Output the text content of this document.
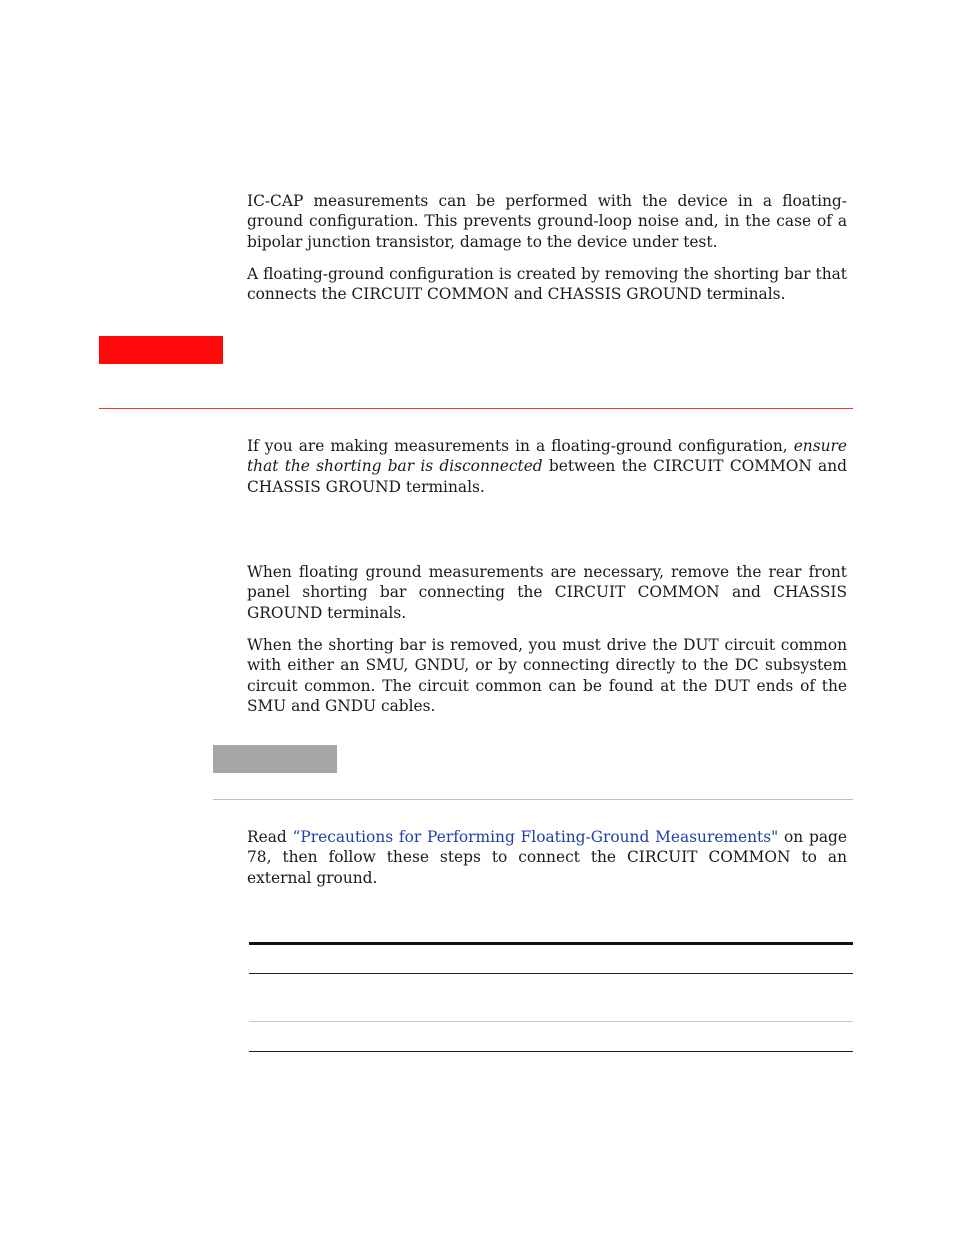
IC-CAP measurements can be performed with the device in a floating-ground configuration. This prevents ground-loop noise and, in the case of a bipolar junction transistor, damage to the device under test.

A floating-ground configuration is created by removing the shorting bar that connects the CIRCUIT COMMON and CHASSIS GROUND terminals.

If you are making measurements in a floating-ground configuration, ensure that the shorting bar is disconnected between the CIRCUIT COMMON and CHASSIS GROUND terminals.

When floating ground measurements are necessary, remove the rear front panel shorting bar connecting the CIRCUIT COMMON and CHASSIS GROUND terminals.

When the shorting bar is removed, you must drive the DUT circuit common with either an SMU, GNDU, or by connecting directly to the DC subsystem circuit common. The circuit common can be found at the DUT ends of the SMU and GNDU cables.

Read “Precautions for Performing Floating-Ground Measurements" on page 78, then follow these steps to connect the CIRCUIT COMMON to an external ground.
